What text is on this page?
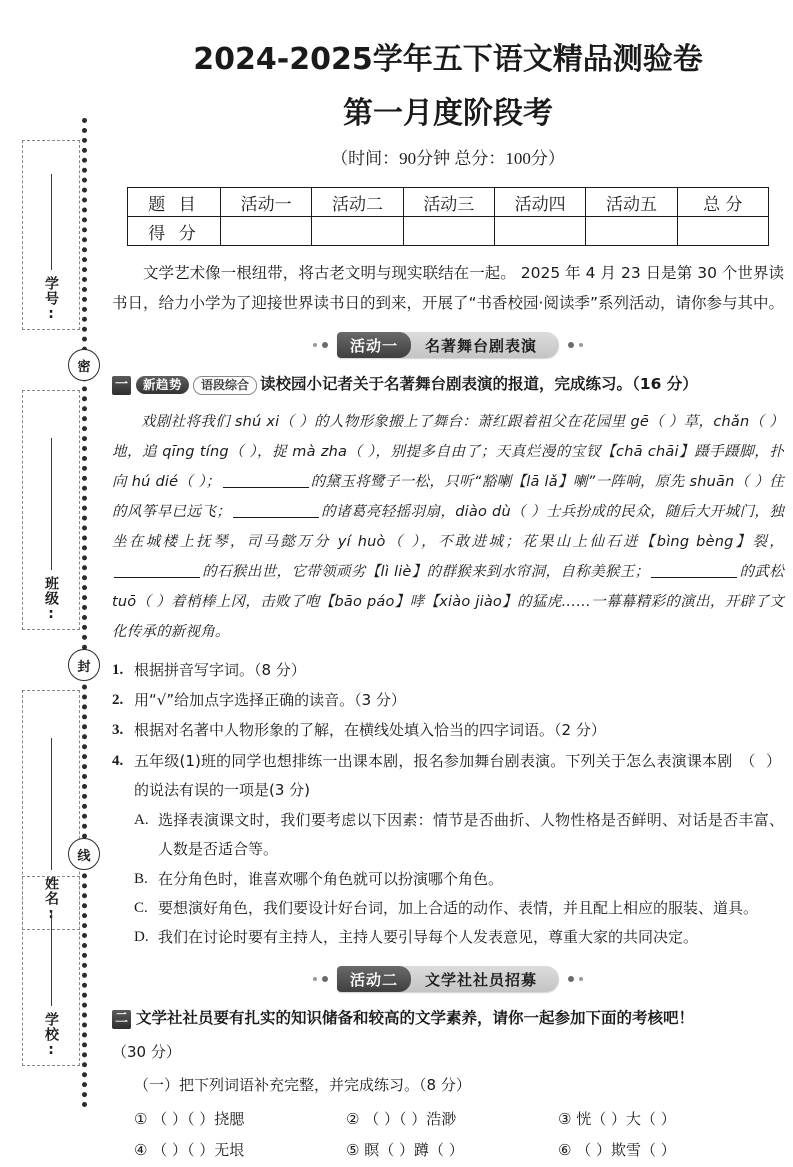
学号:
密
班级:
封
姓名:
线
学校:
2024-2025学年五下语文精品测验卷
第一月度阶段考
（时间：90分钟 总分：100分）
题 目	活动一	活动二	活动三	活动四	活动五	总 分
得 分						
文学艺术像一根纽带，将古老文明与现实联结在一起。 2025 年 4 月 23 日是第 30 个世界读书日，给力小学为了迎接世界读书日的到来，开展了“书香校园·阅读季”系列活动，请你参与其中。
活动一	名著舞台剧表演
一	新趋势	语段综合 读校园小记者关于名著舞台剧表演的报道，完成练习。（16 分）
戏剧社将我们 shú xi（ ）的人物形象搬上了舞台：萧红跟着祖父在花园里 gē（ ）草，chǎn（ ）地，追 qīng tíng（ ），捉 mà zha（ ），别提多自由了；天真烂漫的宝钗【chā chāi】蹑手蹑脚，扑向 hú dié（ ）；	的黛玉将鹭子一松，只听“豁喇【lā lǎ】喇”一阵响，原先 shuān（ ）住的风筝早已远飞；	的诸葛亮轻摇羽扇，diào dù（ ）士兵扮成的民众，随后大开城门，独坐在城楼上抚琴，司马懿万分 yí huò（ ），不敢进城；花果山上仙石迸【bìng bèng】裂，的石猴出世，它带领顽劣【lì liè】的群猴来到水帘洞，自称美猴王；	的武松 tuō（ ）着梢棒上冈，击败了咆【bāo páo】哮【xiào jiào】的猛虎……一幕幕精彩的演出，开辟了文化传承的新视角。
1. 根据拼音写字词。（8 分）
2. 用“√”给加点字选择正确的读音。（3 分）
3. 根据对名著中人物形象的了解，在横线处填入恰当的四字词语。（2 分）
4.	（ ）
五年级(1)班的同学也想排练一出课本剧，报名参加舞台剧表演。下列关于怎么表演课本剧的说法有误的一项是(3 分)
A. 选择表演课文时，我们要考虑以下因素：情节是否曲折、人物性格是否鲜明、对话是否丰富、人数是否适合等。
B. 在分角色时，谁喜欢哪个角色就可以扮演哪个角色。
C. 要想演好角色，我们要设计好台词，加上合适的动作、表情，并且配上相应的服装、道具。
D. 我们在讨论时要有主持人，主持人要引导每个人发表意见，尊重大家的共同决定。
活动二	文学社社员招募
二 文学社社员要有扎实的知识储备和较高的文学素养，请你一起参加下面的考核吧！
（30 分）
（一）把下列词语补充完整，并完成练习。（8 分）
① （ ）（ ）挠腮	② （ ）（ ）浩渺	③ 恍（ ）大（ ）
④ （ ）（ ）无垠	⑤ 瞑（ ）蹲（ ）	⑥ （ ）欺雪（ ）
